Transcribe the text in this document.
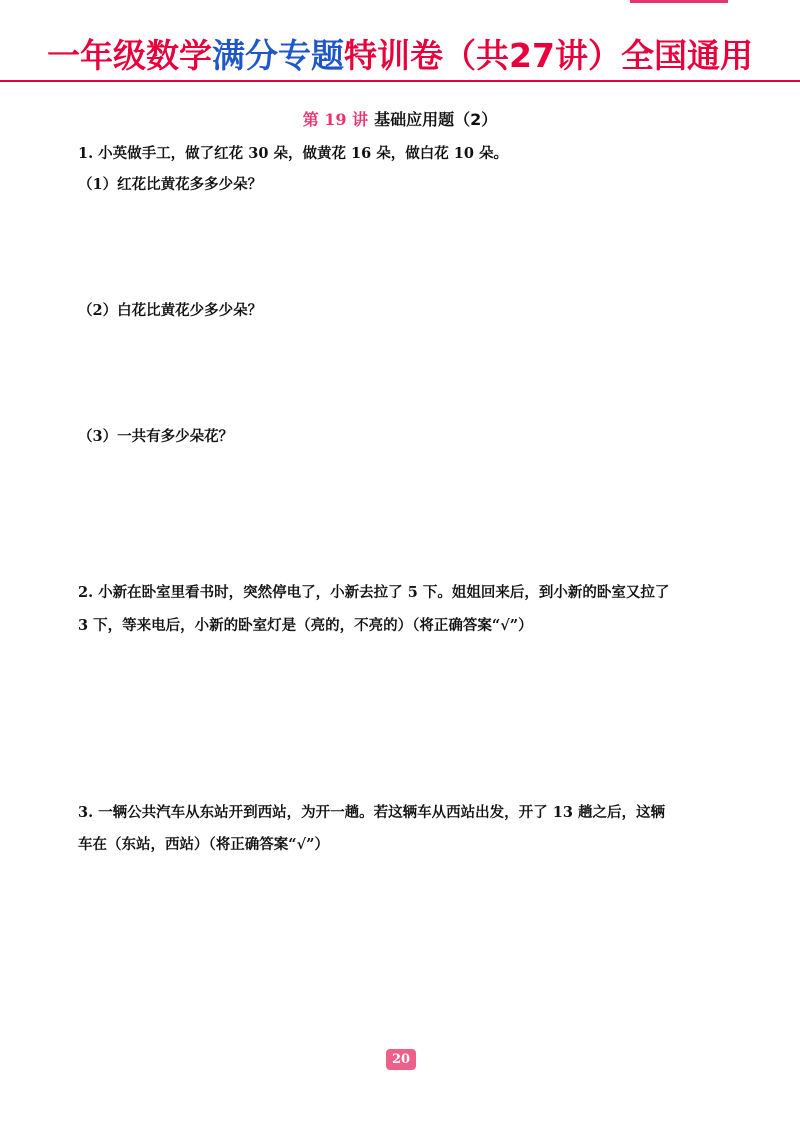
一年级数学满分专题特训卷（共27讲）全国通用
第 19 讲 基础应用题（2）
1. 小英做手工，做了红花 30 朵，做黄花 16 朵，做白花 10 朵。
（1）红花比黄花多多少朵？
（2）白花比黄花少多少朵？
（3）一共有多少朵花？
2. 小新在卧室里看书时，突然停电了，小新去拉了 5 下。姐姐回来后，到小新的卧室又拉了
3 下，等来电后，小新的卧室灯是（亮的，不亮的）（将正确答案“√”）
3. 一辆公共汽车从东站开到西站，为开一趟。若这辆车从西站出发，开了 13 趟之后，这辆
车在（东站，西站）（将正确答案“√”）
20
